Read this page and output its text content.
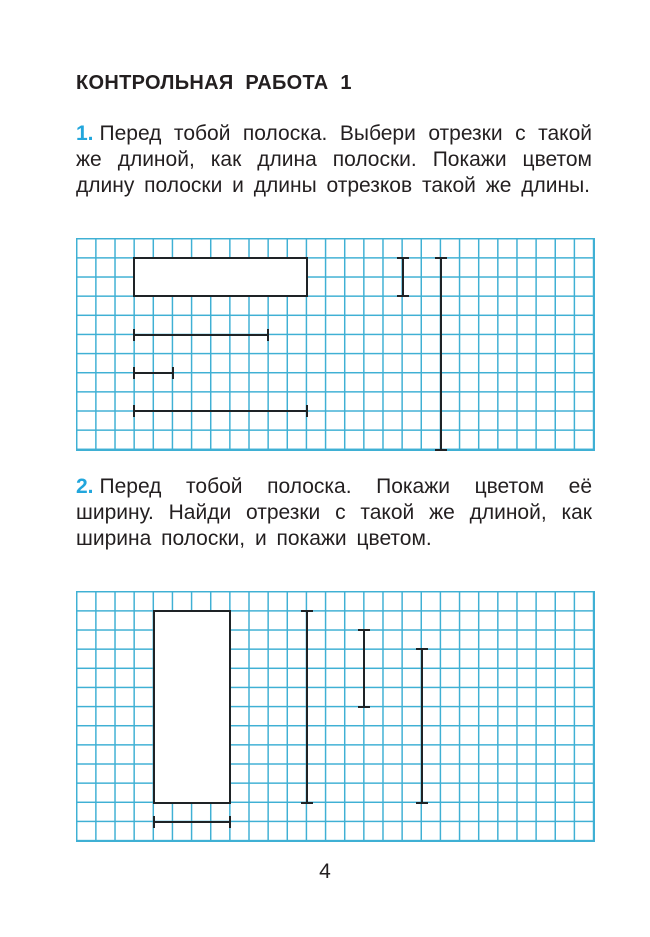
КОНТРОЛЬНАЯ РАБОТА 1
1. Перед тобой полоска. Выбери отрезки с такой же длиной, как длина полоски. Покажи цветом длину полоски и длины отрезков такой же длины.
2. Перед тобой полоска. Покажи цветом её ширину. Найди отрезки с такой же длиной, как ширина полоски, и покажи цветом.
4
